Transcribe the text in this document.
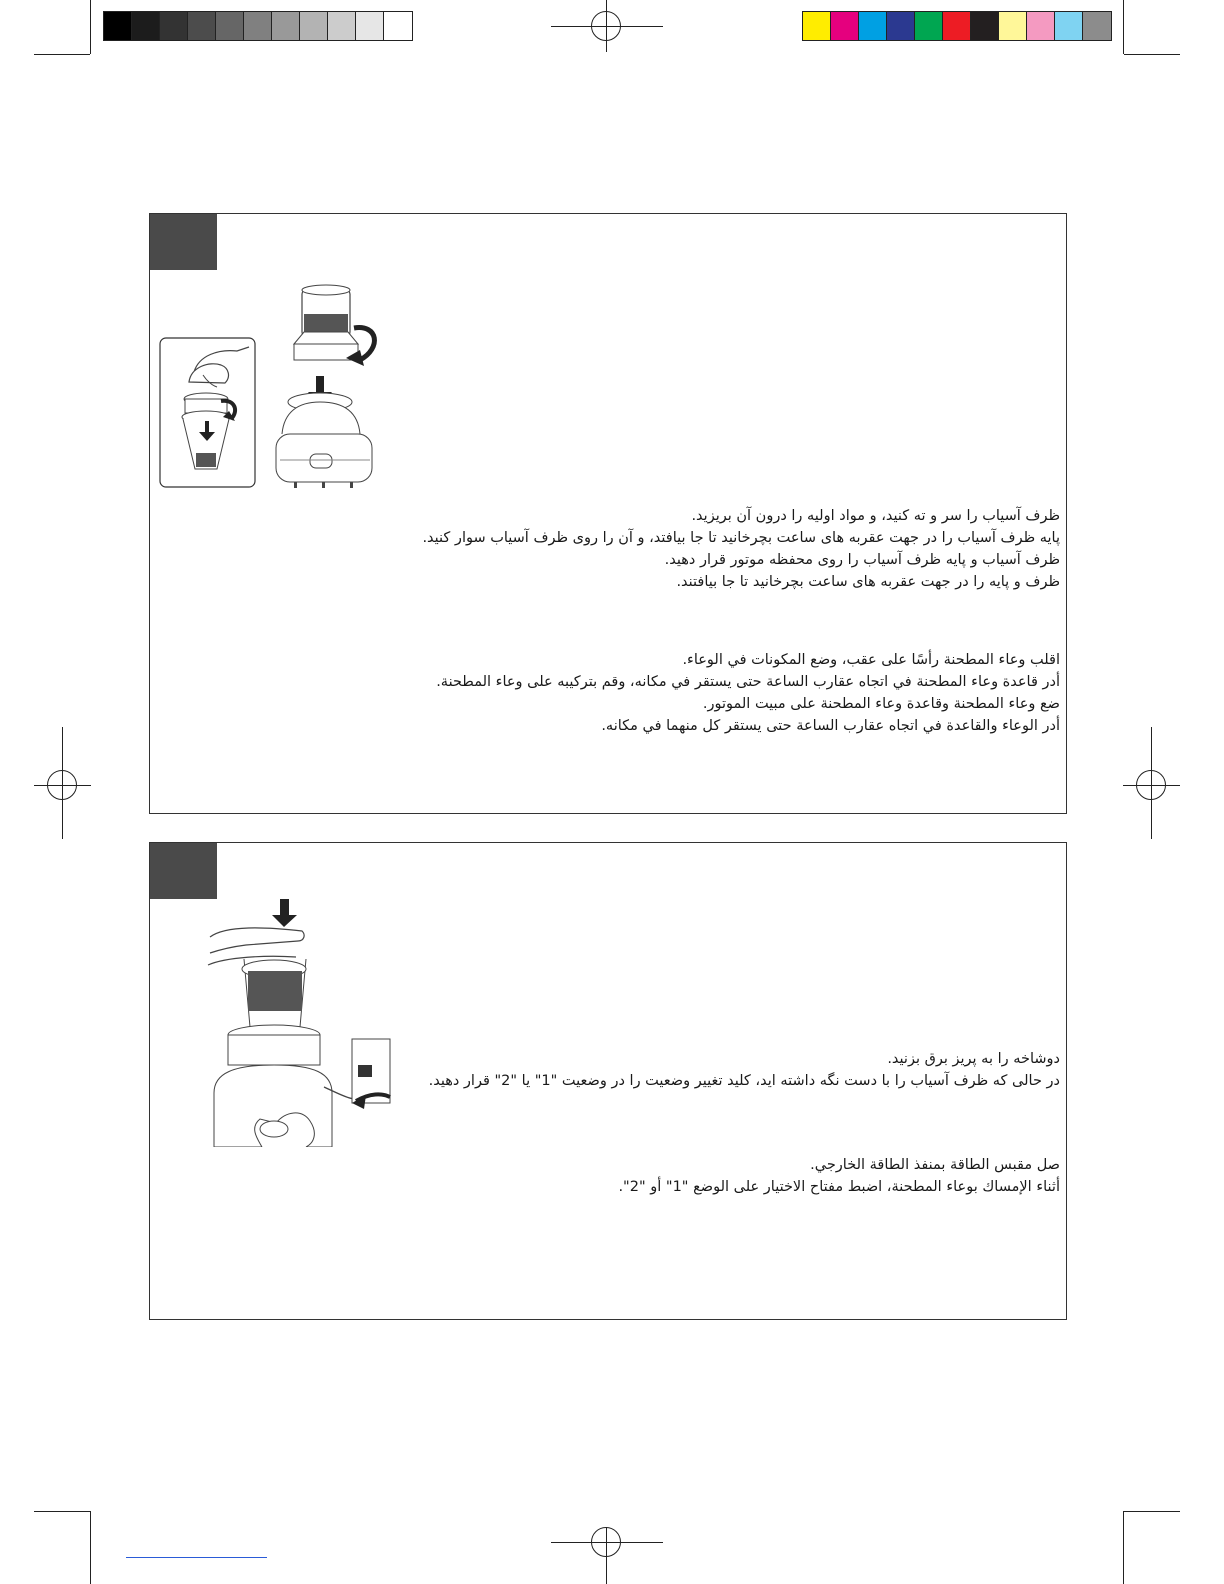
ظرف آسیاب را سر و ته کنید، و مواد اولیه را درون آن بریزید.

پایه ظرف آسیاب را در جهت عقربه های ساعت بچرخانید تا جا بیافتد، و آن را روی ظرف آسیاب سوار کنید.

ظرف آسیاب و پایه ظرف آسیاب را روی محفظه موتور قرار دهید.

ظرف و پایه را در جهت عقربه های ساعت بچرخانید تا جا بیافتند.

اقلب وعاء المطحنة رأسًا على عقب، وضع المكونات في الوعاء.

أدر قاعدة وعاء المطحنة في اتجاه عقارب الساعة حتى يستقر في مكانه، وقم بتركيبه على وعاء المطحنة.

ضع وعاء المطحنة وقاعدة وعاء المطحنة على مبيت الموتور.

أدر الوعاء والقاعدة في اتجاه عقارب الساعة حتى يستقر كل منهما في مكانه.

دوشاخه را به پریز برق بزنید.

در حالی که ظرف آسیاب را با دست نگه داشته اید، کلید تغییر وضعیت را در وضعیت "1" یا "2" قرار دهید.

صل مقبس الطاقة بمنفذ الطاقة الخارجي.

أثناء الإمساك بوعاء المطحنة، اضبط مفتاح الاختيار على الوضع "1" أو "2".
